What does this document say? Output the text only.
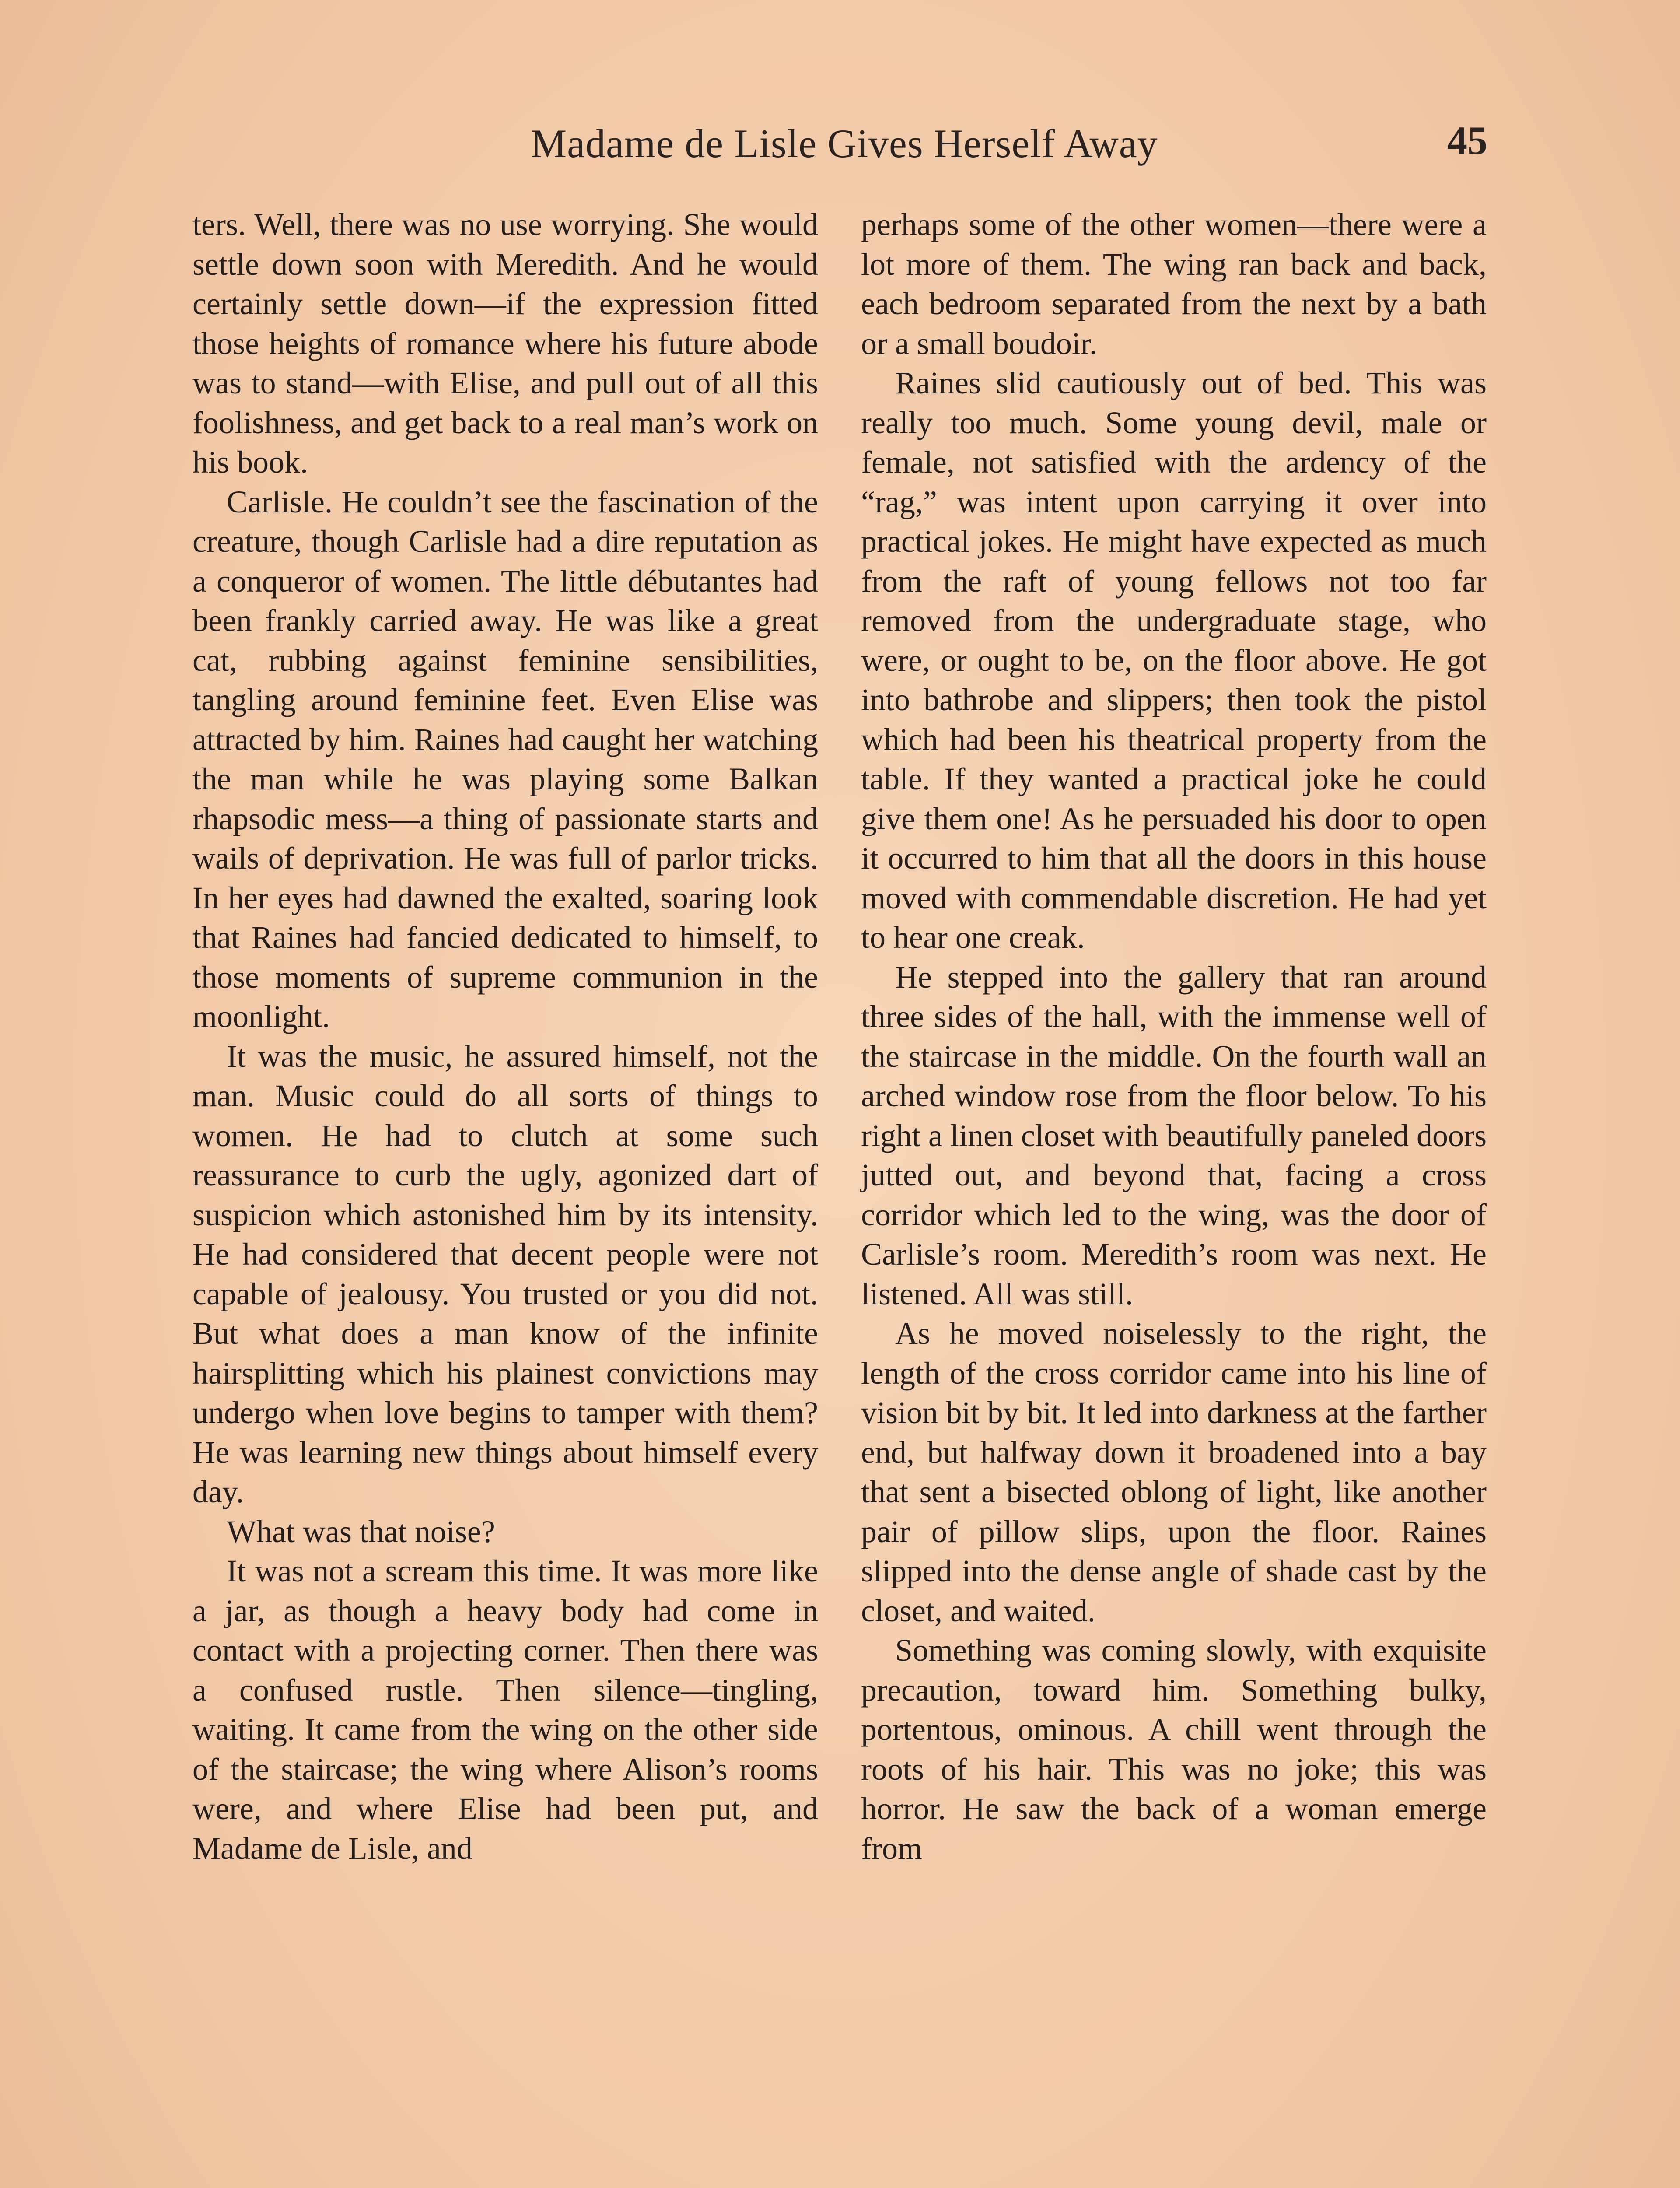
Madame de Lisle Gives Herself Away	45

ters. Well, there was no use worrying. She would settle down soon with Meredith. And he would certainly settle down—if the expression fitted those heights of romance where his future abode was to stand—with Elise, and pull out of all this foolishness, and get back to a real man’s work on his book.

Carlisle. He couldn’t see the fascination of the creature, though Carlisle had a dire reputation as a conqueror of women. The little débutantes had been frankly carried away. He was like a great cat, rubbing against feminine sensibilities, tangling around feminine feet. Even Elise was attracted by him. Raines had caught her watching the man while he was playing some Balkan rhapsodic mess—a thing of passionate starts and wails of deprivation. He was full of parlor tricks. In her eyes had dawned the exalted, soaring look that Raines had fancied dedicated to himself, to those moments of supreme communion in the moonlight.

It was the music, he assured himself, not the man. Music could do all sorts of things to women. He had to clutch at some such reassurance to curb the ugly, agonized dart of suspicion which astonished him by its intensity. He had considered that decent people were not capable of jealousy. You trusted or you did not. But what does a man know of the infinite hairsplitting which his plainest convictions may undergo when love begins to tamper with them? He was learning new things about himself every day.

What was that noise?

It was not a scream this time. It was more like a jar, as though a heavy body had come in contact with a projecting corner. Then there was a confused rustle. Then silence—tingling, waiting. It came from the wing on the other side of the staircase; the wing where Alison’s rooms were, and where Elise had been put, and Madame de Lisle, and

perhaps some of the other women—there were a lot more of them. The wing ran back and back, each bedroom separated from the next by a bath or a small boudoir.

Raines slid cautiously out of bed. This was really too much. Some young devil, male or female, not satisfied with the ardency of the “rag,” was intent upon carrying it over into practical jokes. He might have expected as much from the raft of young fellows not too far removed from the undergraduate stage, who were, or ought to be, on the floor above. He got into bathrobe and slippers; then took the pistol which had been his theatrical property from the table. If they wanted a practical joke he could give them one! As he persuaded his door to open it occurred to him that all the doors in this house moved with commendable discretion. He had yet to hear one creak.

He stepped into the gallery that ran around three sides of the hall, with the immense well of the staircase in the middle. On the fourth wall an arched window rose from the floor below. To his right a linen closet with beautifully paneled doors jutted out, and beyond that, facing a cross corridor which led to the wing, was the door of Carlisle’s room. Meredith’s room was next. He listened. All was still.

As he moved noiselessly to the right, the length of the cross corridor came into his line of vision bit by bit. It led into darkness at the farther end, but halfway down it broadened into a bay that sent a bisected oblong of light, like another pair of pillow slips, upon the floor. Raines slipped into the dense angle of shade cast by the closet, and waited.

Something was coming slowly, with exquisite precaution, toward him. Something bulky, portentous, ominous. A chill went through the roots of his hair. This was no joke; this was horror. He saw the back of a woman emerge from
